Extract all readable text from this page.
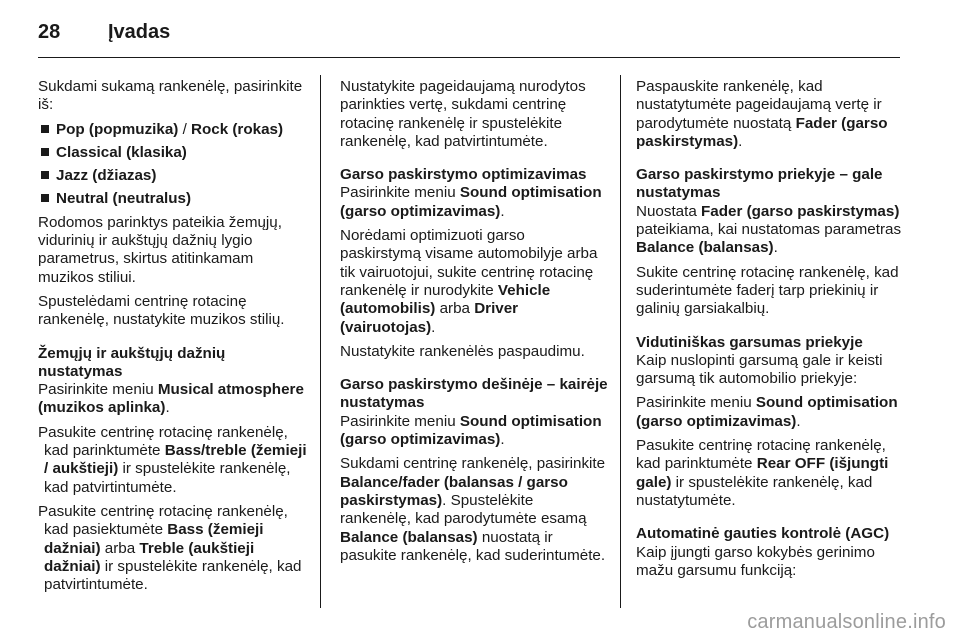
28 Įvadas

Sukdami sukamą rankenėlę, pasirinkite iš:

Pop (popmuzika) / Rock (rokas)
Classical (klasika)
Jazz (džiazas)
Neutral (neutralus)

Rodomos parinktys pateikia žemųjų, vidurinių ir aukštųjų dažnių lygio parametrus, skirtus atitinkamam muzikos stiliui.

Spustelėdami centrinę rotacinę rankenėlę, nustatykite muzikos stilių.

Žemųjų ir aukštųjų dažnių nustatymas

Pasirinkite meniu Musical atmosphere (muzikos aplinka).

Pasukite centrinę rotacinę rankenėlę, kad parinktumėte Bass/treble (žemieji / aukštieji) ir spustelėkite rankenėlę, kad patvirtintumėte.

Pasukite centrinę rotacinę rankenėlę, kad pasiektumėte Bass (žemieji dažniai) arba Treble (aukštieji dažniai) ir spustelėkite rankenėlę, kad patvirtintumėte.

Nustatykite pageidaujamą nurodytos parinkties vertę, sukdami centrinę rotacinę rankenėlę ir spustelėkite rankenėlę, kad patvirtintumėte.

Garso paskirstymo optimizavimas

Pasirinkite meniu Sound optimisation (garso optimizavimas).

Norėdami optimizuoti garso paskirstymą visame automobilyje arba tik vairuotojui, sukite centrinę rotacinę rankenėlę ir nurodykite Vehicle (automobilis) arba Driver (vairuotojas).

Nustatykite rankenėlės paspaudimu.

Garso paskirstymo dešinėje – kairėje nustatymas

Pasirinkite meniu Sound optimisation (garso optimizavimas).

Sukdami centrinę rankenėlę, pasirinkite Balance/fader (balansas / garso paskirstymas). Spustelėkite rankenėlę, kad parodytumėte esamą Balance (balansas) nuostatą ir pasukite rankenėlę, kad suderintumėte.

Paspauskite rankenėlę, kad nustatytumėte pageidaujamą vertę ir parodytumėte nuostatą Fader (garso paskirstymas).

Garso paskirstymo priekyje – gale nustatymas

Nuostata Fader (garso paskirstymas) pateikiama, kai nustatomas parametras Balance (balansas).

Sukite centrinę rotacinę rankenėlę, kad suderintumėte faderį tarp priekinių ir galinių garsiakalbių.

Vidutiniškas garsumas priekyje

Kaip nuslopinti garsumą gale ir keisti garsumą tik automobilio priekyje:

Pasirinkite meniu Sound optimisation (garso optimizavimas).

Pasukite centrinę rotacinę rankenėlę, kad parinktumėte Rear OFF (išjungti gale) ir spustelėkite rankenėlę, kad nustatytumėte.

Automatinė gauties kontrolė (AGC)

Kaip įjungti garso kokybės gerinimo mažu garsumu funkciją:

carmanualsonline.info
